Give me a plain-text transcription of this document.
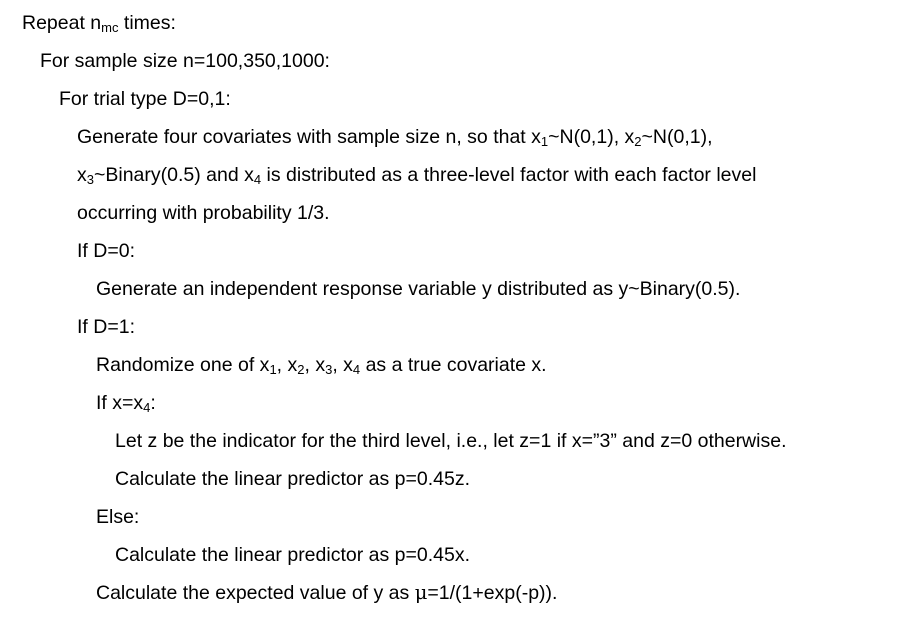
Repeat $n_{mc}$ times:
For sample size n=100,350,1000:
For trial type D=0,1:
Generate four covariates with sample size n, so that $x_1\sim N(0,1)$, $x_2\sim N(0,1)$,
$x_3\sim Binary(0.5)$ and $x_4$ is distributed as a three-level factor with each factor level
occurring with probability 1/3.
If D=0:
Generate an independent response variable y distributed as y~Binary(0.5).
If D=1:
Randomize one of $x_1$, $x_2$, $x_3$, $x_4$ as a true covariate x.
If $x=x_4$:
Let z be the indicator for the third level, i.e., let z=1 if x=”3” and z=0 otherwise.
Calculate the linear predictor as p=0.45z.
Else:
Calculate the linear predictor as p=0.45x.
Calculate the expected value of y as μ=1/(1+exp(-p)).
